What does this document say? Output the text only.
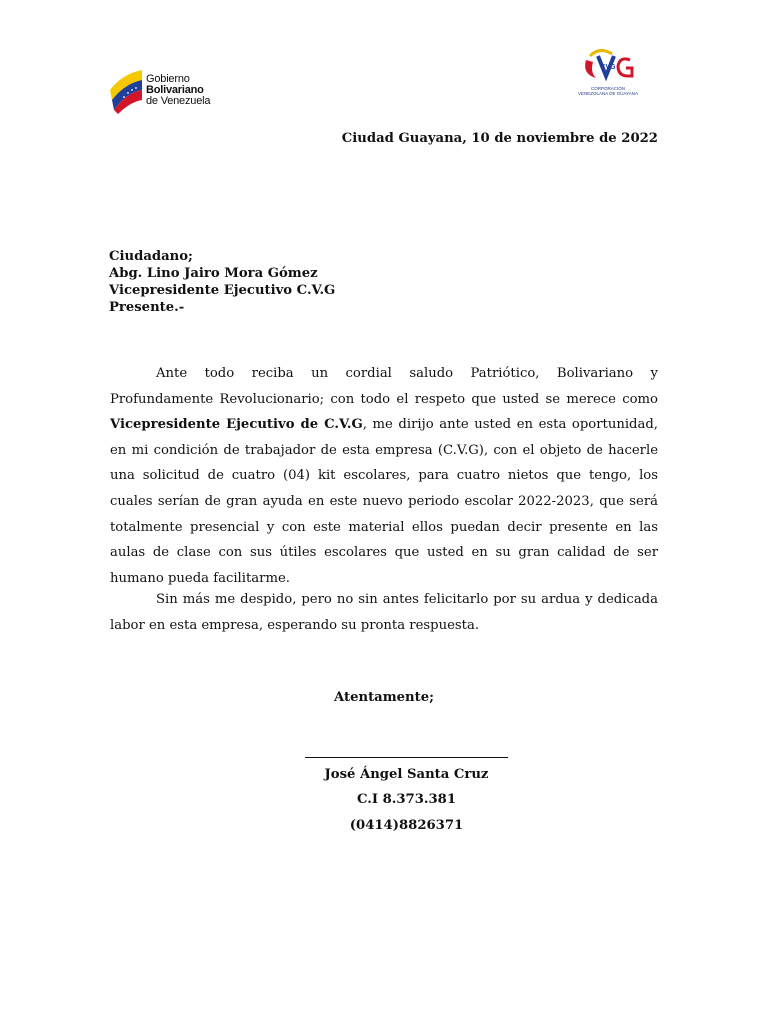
Gobierno
Bolivariano
de Venezuela
CVG
CORPORACIÓN
VENEZOLANA DE GUAYANA
Ciudad Guayana, 10 de noviembre de 2022
Ciudadano;
Abg. Lino Jairo Mora Gómez
Vicepresidente Ejecutivo C.V.G
Presente.-
Ante todo reciba un cordial saludo Patriótico, Bolivariano y Profundamente Revolucionario; con todo el respeto que usted se merece como Vicepresidente Ejecutivo de C.V.G, me dirijo ante usted en esta oportunidad, en mi condición de trabajador de esta empresa (C.V.G), con el objeto de hacerle una solicitud de cuatro (04) kit escolares, para cuatro nietos que tengo, los cuales serían de gran ayuda en este nuevo periodo escolar 2022-2023, que será totalmente presencial y con este material ellos puedan decir presente en las aulas de clase con sus útiles escolares que usted en su gran calidad de ser humano pueda facilitarme.
Sin más me despido, pero no sin antes felicitarlo por su ardua y dedicada labor en esta empresa, esperando su pronta respuesta.
Atentamente;
José Ángel Santa Cruz
C.I 8.373.381
(0414)8826371
